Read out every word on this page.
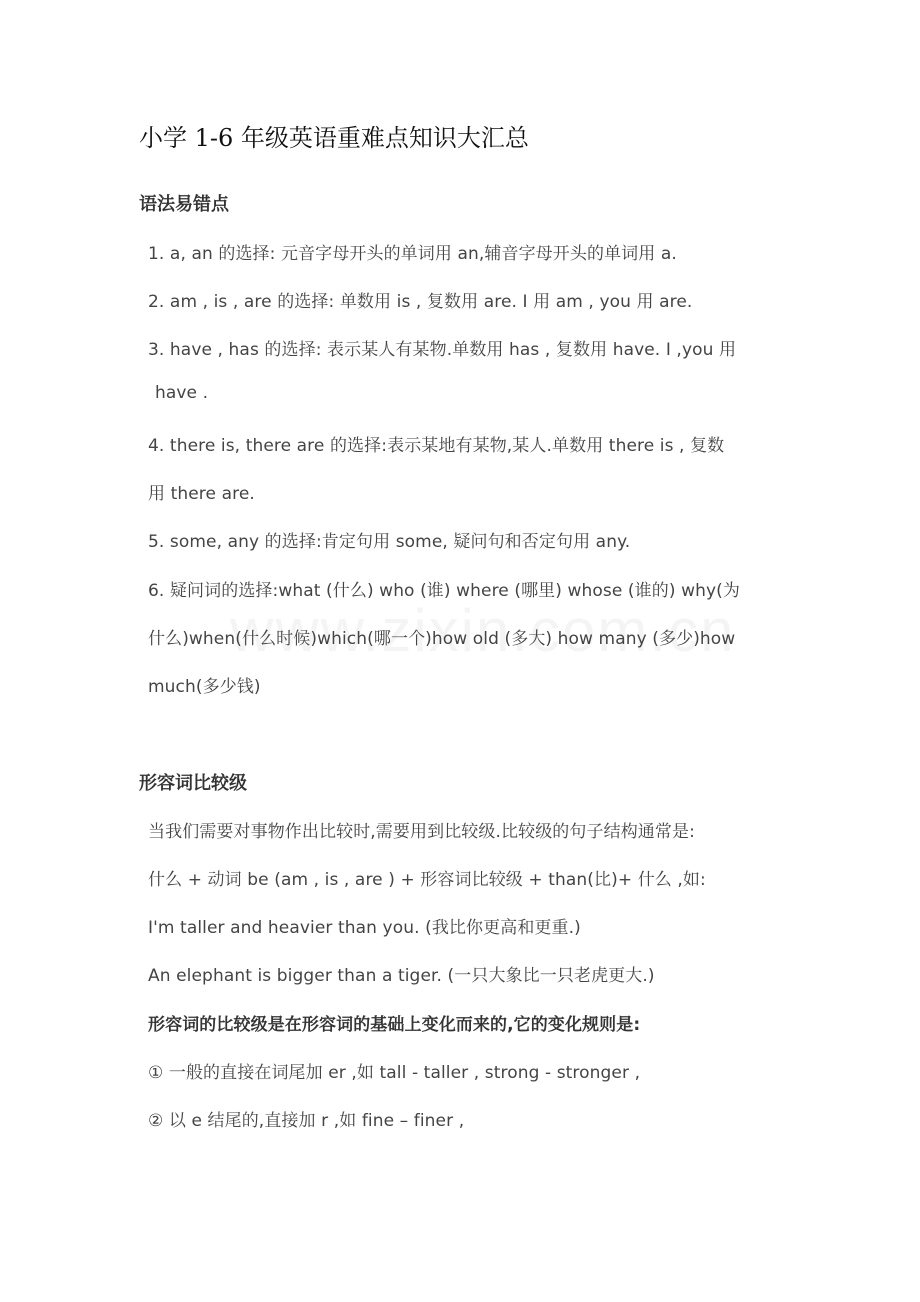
小学 1-6 年级英语重难点知识大汇总
语法易错点
1. a, an 的选择: 元音字母开头的单词用 an,辅音字母开头的单词用 a.
2. am , is , are 的选择: 单数用 is , 复数用 are. I 用 am , you 用 are.
3. have , has 的选择: 表示某人有某物.单数用 has , 复数用 have. I ,you 用
have .
4. there is, there are 的选择:表示某地有某物,某人.单数用 there is , 复数
用 there are.
5. some, any 的选择:肯定句用 some, 疑问句和否定句用 any.
6. 疑问词的选择:what (什么) who (谁) where (哪里) whose (谁的) why(为
什么)when(什么时候)which(哪一个)how old (多大) how many (多少)how
much(多少钱)
形容词比较级
当我们需要对事物作出比较时,需要用到比较级.比较级的句子结构通常是:
什么 + 动词 be (am , is , are ) + 形容词比较级 + than(比)+ 什么 ,如:
I'm taller and heavier than you. (我比你更高和更重.)
An elephant is bigger than a tiger. (一只大象比一只老虎更大.)
形容词的比较级是在形容词的基础上变化而来的,它的变化规则是:
① 一般的直接在词尾加 er ,如 tall - taller , strong - stronger ,
② 以 e 结尾的,直接加 r ,如 fine – finer ,
